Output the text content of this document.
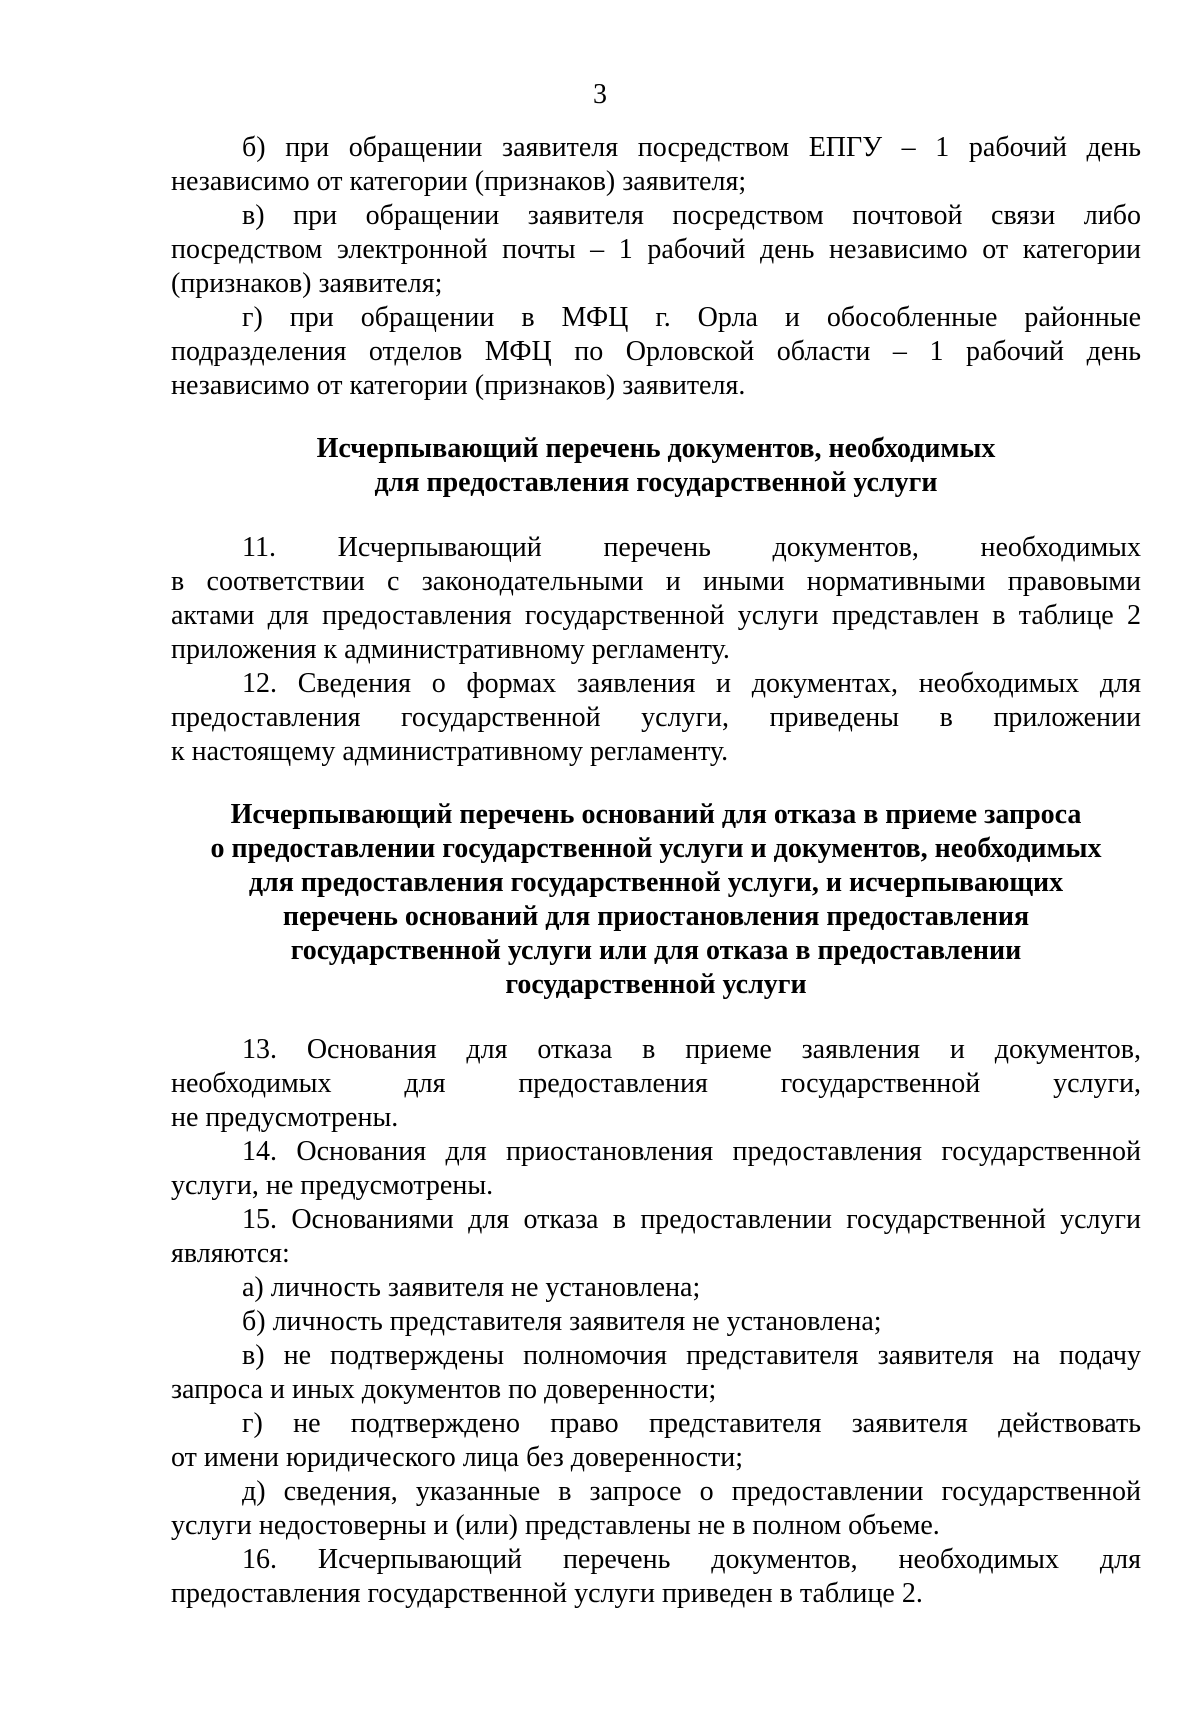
3
б) при обращении заявителя посредством ЕПГУ – 1 рабочий день
независимо от категории (признаков) заявителя;
в) при обращении заявителя посредством почтовой связи либо
посредством электронной почты – 1 рабочий день независимо от категории
(признаков) заявителя;
г) при обращении в МФЦ г. Орла и обособленные районные
подразделения отделов МФЦ по Орловской области – 1 рабочий день
независимо от категории (признаков) заявителя.
Исчерпывающий перечень документов, необходимых
для предоставления государственной услуги
11. Исчерпывающий перечень документов, необходимых
в соответствии с законодательными и иными нормативными правовыми
актами для предоставления государственной услуги представлен в таблице 2
приложения к административному регламенту.
12. Сведения о формах заявления и документах, необходимых для
предоставления государственной услуги, приведены в приложении
к настоящему административному регламенту.
Исчерпывающий перечень оснований для отказа в приеме запроса
о предоставлении государственной услуги и документов, необходимых
для предоставления государственной услуги, и исчерпывающих
перечень оснований для приостановления предоставления
государственной услуги или для отказа в предоставлении
государственной услуги
13. Основания для отказа в приеме заявления и документов,
необходимых для предоставления государственной услуги,
не предусмотрены.
14. Основания для приостановления предоставления государственной
услуги, не предусмотрены.
15. Основаниями для отказа в предоставлении государственной услуги
являются:
а) личность заявителя не установлена;
б) личность представителя заявителя не установлена;
в) не подтверждены полномочия представителя заявителя на подачу
запроса и иных документов по доверенности;
г) не подтверждено право представителя заявителя действовать
от имени юридического лица без доверенности;
д) сведения, указанные в запросе о предоставлении государственной
услуги недостоверны и (или) представлены не в полном объеме.
16. Исчерпывающий перечень документов, необходимых для
предоставления государственной услуги приведен в таблице 2.
